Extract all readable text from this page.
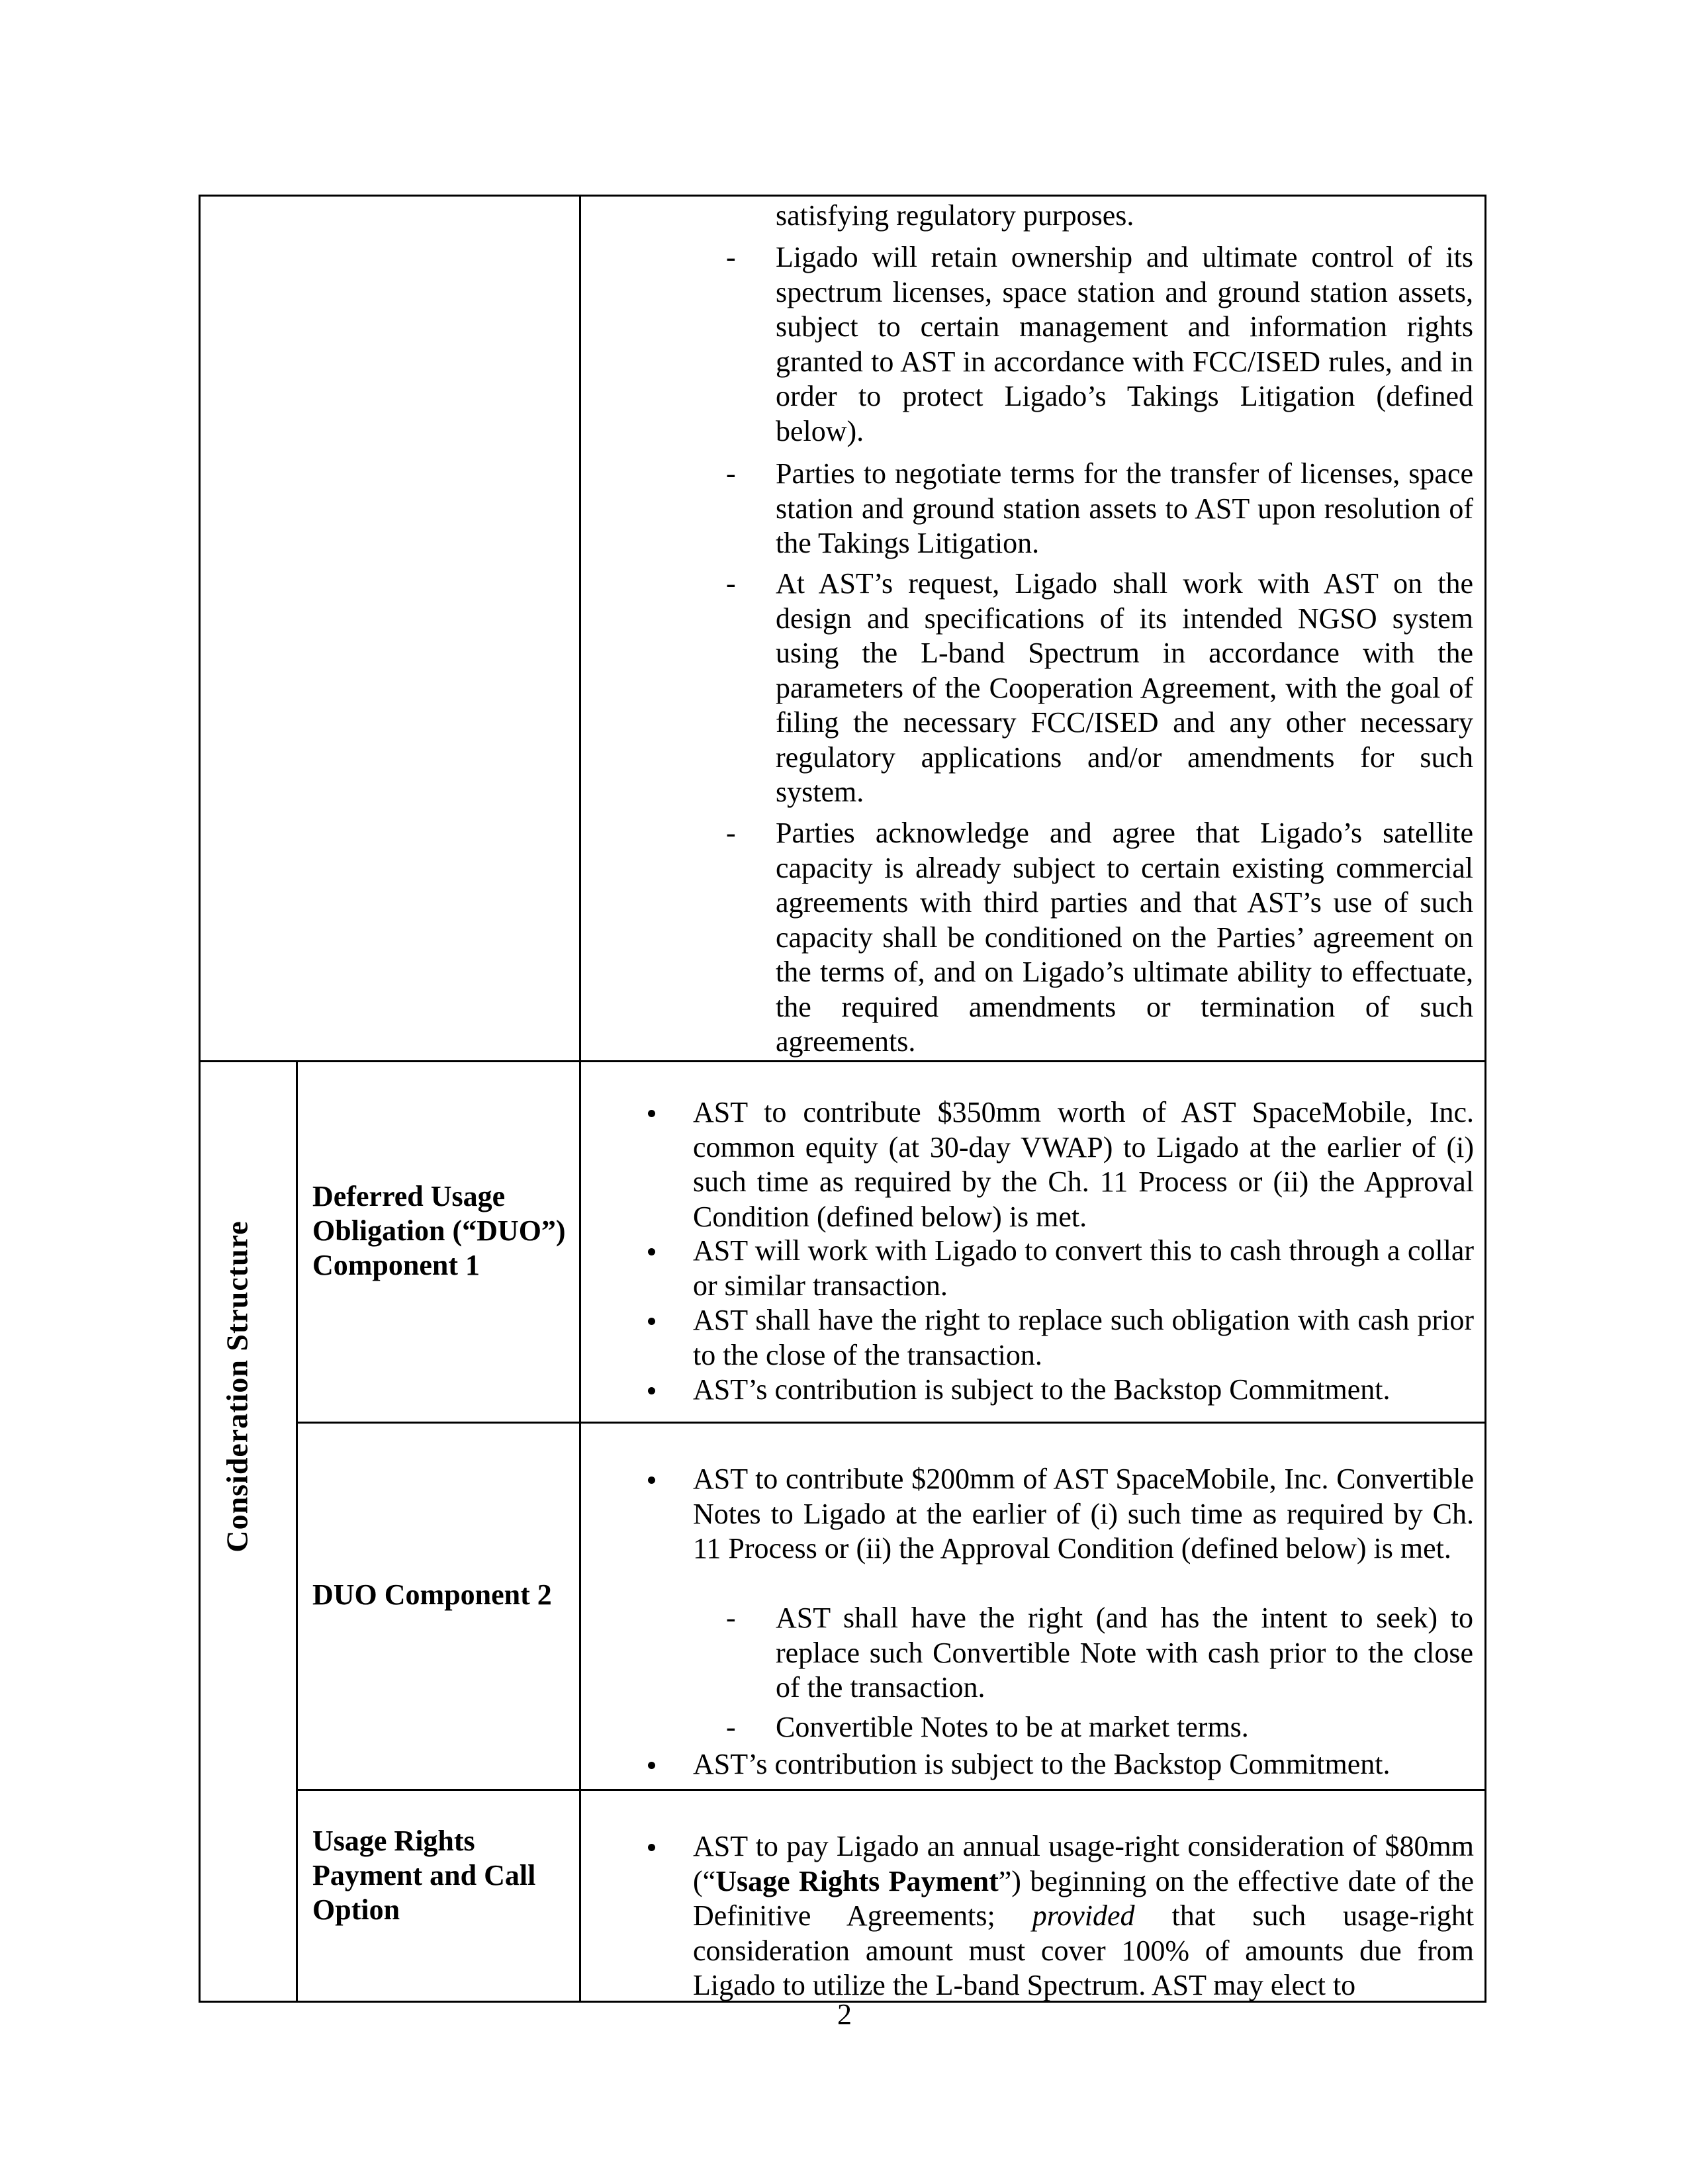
Consideration Structure
satisfying regulatory purposes.
- Ligado will retain ownership and ultimate control of its spectrum licenses, space station and ground station assets, subject to certain management and information rights granted to AST in accordance with FCC/ISED rules, and in order to protect Ligado’s Takings Litigation (defined below).

- Parties to negotiate terms for the transfer of licenses, space station and ground station assets to AST upon resolution of the Takings Litigation.

- At AST’s request, Ligado shall work with AST on the design and specifications of its intended NGSO system using the L-band Spectrum in accordance with the parameters of the Cooperation Agreement, with the goal of filing the necessary FCC/ISED and any other necessary regulatory applications and/or amendments for such system.

- Parties acknowledge and agree that Ligado’s satellite capacity is already subject to certain existing commercial agreements with third parties and that AST’s use of such capacity shall be conditioned on the Parties’ agreement on the terms of, and on Ligado’s ultimate ability to effectuate, the required amendments or termination of such agreements.

Deferred Usage Obligation (“DUO”) Component 1

AST to contribute $350mm worth of AST SpaceMobile, Inc. common equity (at 30-day VWAP) to Ligado at the earlier of (i) such time as required by the Ch. 11 Process or (ii) the Approval Condition (defined below) is met.

AST will work with Ligado to convert this to cash through a collar or similar transaction.

AST shall have the right to replace such obligation with cash prior to the close of the transaction.

AST’s contribution is subject to the Backstop Commitment.

DUO Component 2

AST to contribute $200mm of AST SpaceMobile, Inc. Convertible Notes to Ligado at the earlier of (i) such time as required by Ch. 11 Process or (ii) the Approval Condition (defined below) is met.

- AST shall have the right (and has the intent to seek) to replace such Convertible Note with cash prior to the close of the transaction.

- Convertible Notes to be at market terms.

AST’s contribution is subject to the Backstop Commitment.

Usage Rights Payment and Call Option

AST to pay Ligado an annual usage-right consideration of $80mm (“Usage Rights Payment”) beginning on the effective date of the Definitive Agreements; provided that such usage-right consideration amount must cover 100% of amounts due from Ligado to utilize the L-band Spectrum. AST may elect to

2
